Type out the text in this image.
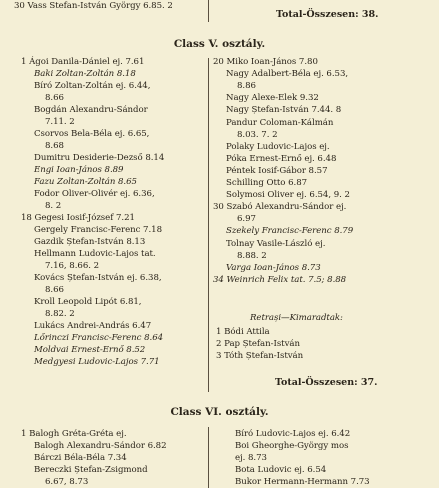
30 Vass Stefan-István György 6.85. 2
Total-Összesen: 38.
Class V. osztály.
1 Ágoi Danila-Dániel ej. 7.61
Baki Zoltan-Zoltán 8.18
Bíró Zoltan-Zoltán ej. 6.44,
8.66
Bogdán Alexandru-Sándor
7.11. 2
Csorvos Bela-Béla ej. 6.65,
8.68
Dumitru Desiderie-Dezső 8.14
Engi Ioan-János 8.89
Fazu Zoltan-Zoltán 8.65
Fodor Oliver-Olivér ej. 6.36,
8. 2
18 Gegesi Iosif-József 7.21
Gergely Francisc-Ferenc 7.18
Gazdik Ștefan-István 8.13
Hellmann Ludovic-Lajos tat.
7.16, 8.66. 2
Kovács Ștefan-István ej. 6.38,
8.66
Kroll Leopold Lipót 6.81,
8.82. 2
Lukács Andrei-András 6.47
Lőrinczi Francisc-Ferenc 8.64
Moldvai Ernest-Ernő 8.52
Medgyesi Ludovic-Lajos 7.71
20 Miko Ioan-János 7.80
Nagy Adalbert-Béla ej. 6.53,
8.86
Nagy Alexe-Elek 9.32
Nagy Ștefan-István 7.44. 8
Pandur Coloman-Kálmán
8.03. 7. 2
Polaky Ludovic-Lajos ej.
Póka Ernest-Ernő ej. 6.48
Péntek Iosif-Gábor 8.57
Schilling Otto 6.87
Solymosi Oliver ej. 6.54, 9. 2
30 Szabó Alexandru-Sándor ej.
6.97
Szekely Francisc-Ferenc 8.79
Tolnay Vasile-László ej.
8.88. 2
Varga Ioan-János 8.73
34 Weinrich Felix tat. 7.5; 8.88
Retrași—Kimaradtak:
1 Bódi Attila
2 Pap Ștefan-István
3 Tóth Ștefan-István
Total-Összesen: 37.
Class VI. osztály.
1 Balogh Gréta-Gréta ej.
Balogh Alexandru-Sándor 6.82
Bárczi Béla-Béla 7.34
Bereczki Ștefan-Zsigmond
6.67, 8.73
Bíró Ludovic-Lajos ej. 6.42
Boi Gheorghe-György mos
ej. 8.73
Bota Ludovic ej. 6.54
Bukor Hermann-Hermann 7.73
